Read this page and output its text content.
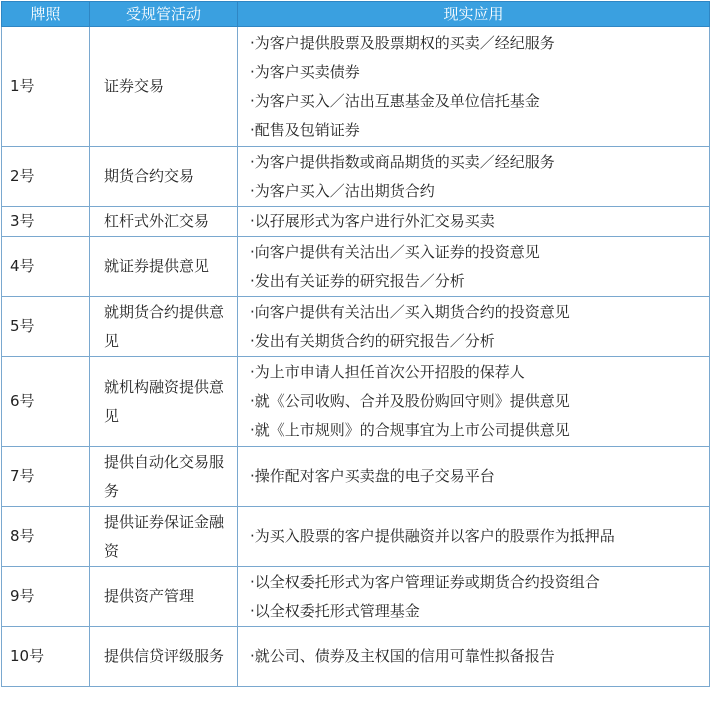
牌照	受规管活动	现实应用
1号	证券交易	·为客户提供股票及股票期权的买卖／经纪服务
·为客户买卖债券
·为客户买入／沽出互惠基金及单位信托基金
·配售及包销证券

2号	期货合约交易	·为客户提供指数或商品期货的买卖／经纪服务
·为客户买入／沽出期货合约

3号	杠杆式外汇交易	·以孖展形式为客户进行外汇交易买卖

4号	就证券提供意见	·向客户提供有关沽出／买入证券的投资意见
·发出有关证券的研究报告／分析

5号	就期货合约提供意见	·向客户提供有关沽出／买入期货合约的投资意见
·发出有关期货合约的研究报告／分析

6号	就机构融资提供意见	·为上市申请人担任首次公开招股的保荐人
·就《公司收购、合并及股份购回守则》提供意见
·就《上市规则》的合规事宜为上市公司提供意见

7号	提供自动化交易服务	·操作配对客户买卖盘的电子交易平台

8号	提供证券保证金融资	·为买入股票的客户提供融资并以客户的股票作为抵押品

9号	提供资产管理	·以全权委托形式为客户管理证券或期货合约投资组合
·以全权委托形式管理基金

10号	提供信贷评级服务	·就公司、债券及主权国的信用可靠性拟备报告
